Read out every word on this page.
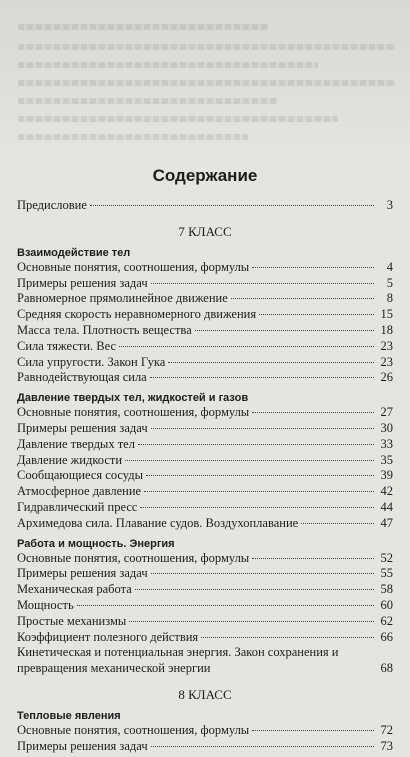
Содержание
Предисловие	3
7 КЛАСС
Взаимодействие тел
Основные понятия, соотношения, формулы	4
Примеры решения задач	5
Равномерное прямолинейное движение	8
Средняя скорость неравномерного движения	15
Масса тела. Плотность вещества	18
Сила тяжести. Вес	23
Сила упругости. Закон Гука	23
Равнодействующая сила	26
Давление твердых тел, жидкостей и газов
Основные понятия, соотношения, формулы	27
Примеры решения задач	30
Давление твердых тел	33
Давление жидкости	35
Сообщающиеся сосуды	39
Атмосферное давление	42
Гидравлический пресс	44
Архимедова сила. Плавание судов. Воздухоплавание	47
Работа и мощность. Энергия
Основные понятия, соотношения, формулы	52
Примеры решения задач	55
Механическая работа	58
Мощность	60
Простые механизмы	62
Коэффициент полезного действия	66
Кинетическая и потенциальная энергия. Закон сохранения и превращения механической энергии	68
8 КЛАСС
Тепловые явления
Основные понятия, соотношения, формулы	72
Примеры решения задач	73
